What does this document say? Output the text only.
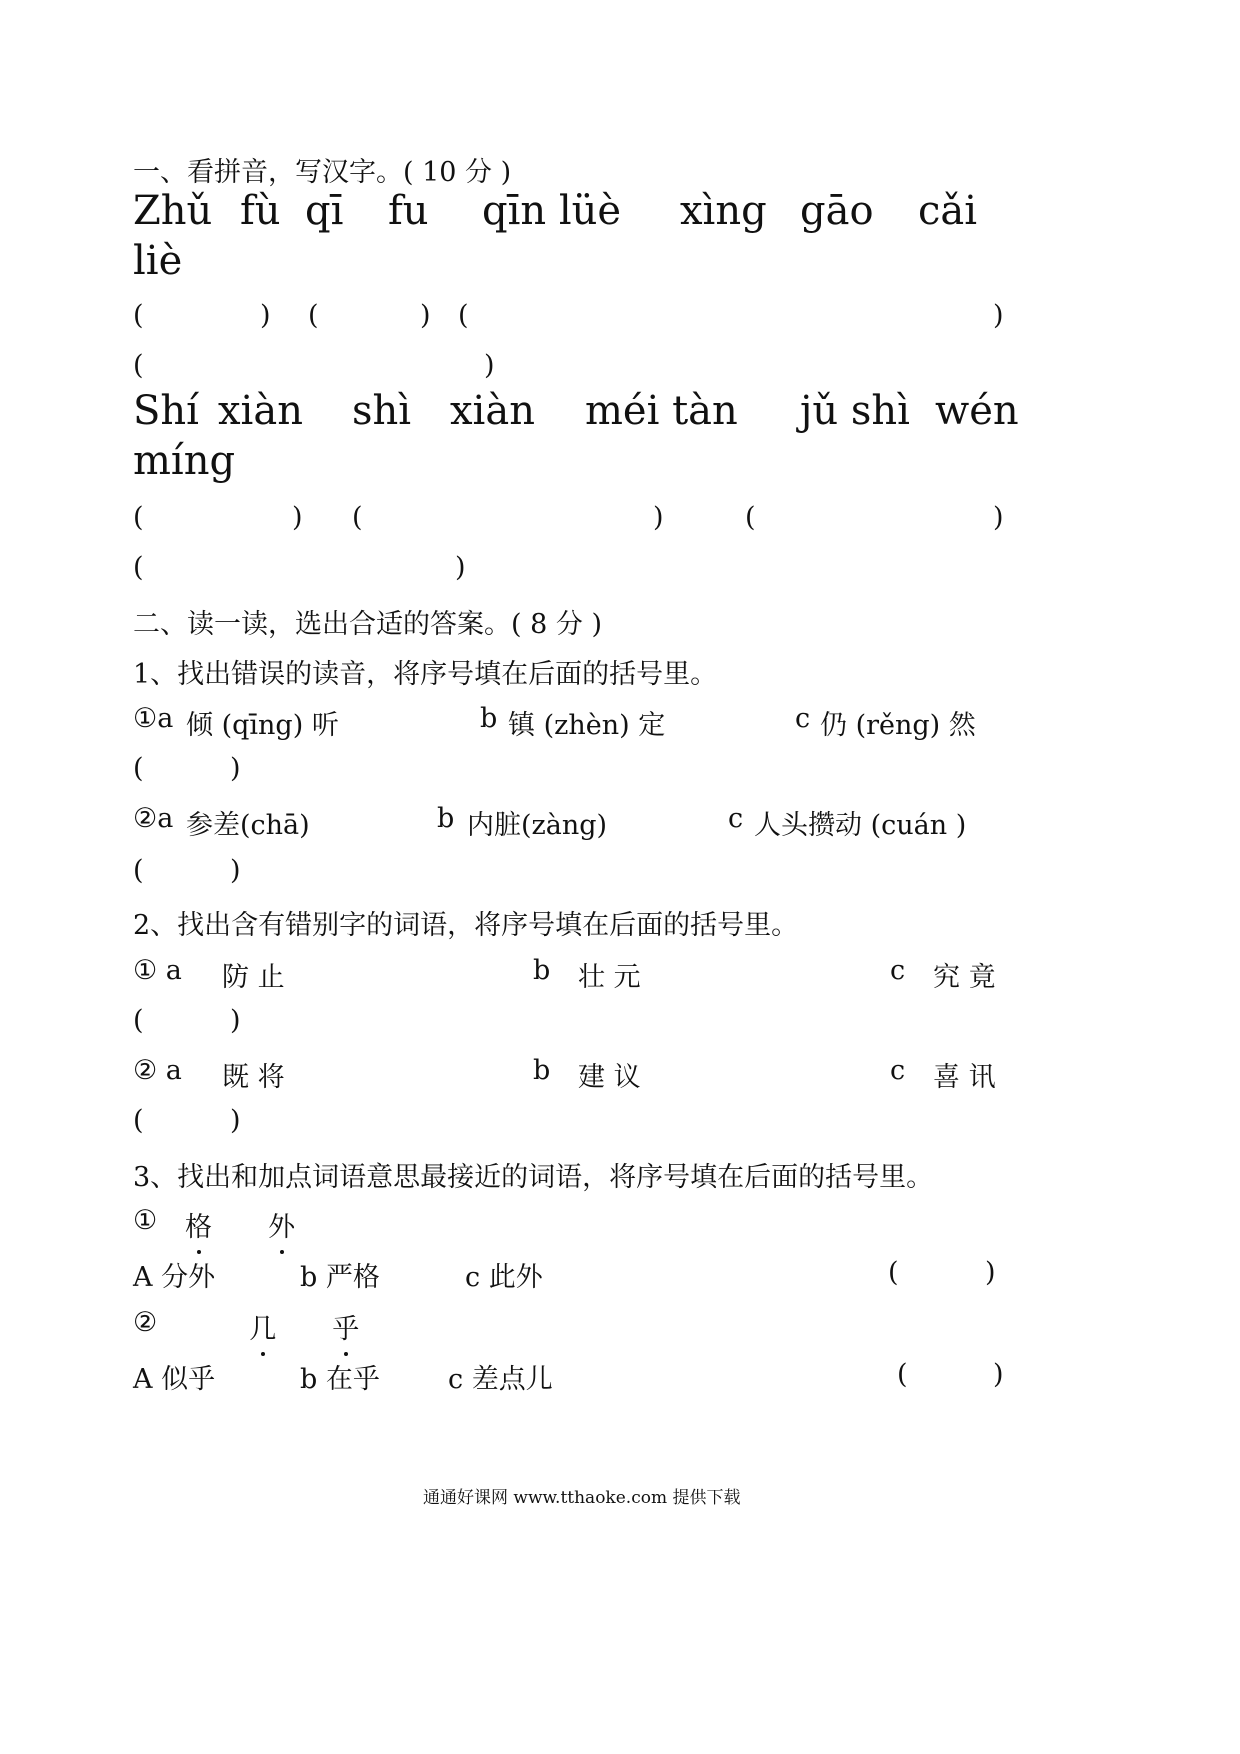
一、看拼音，写汉字。( 10 分 )
Zhǔ fù qī fu qīn lüè xìng gāo cǎi
liè
(	) (	) (	)
(	)
Shí xiàn shì xiàn méi tàn jǔ shì wén
míng
(	) (	)	(	)
(	)
二、读一读，选出合适的答案。( 8 分 )
1、找出错误的读音，将序号填在后面的括号里。
①a 倾 (qīng) 听	b 镇 (zhèn) 定	c 仍 (rěng) 然
(	)
②a 参差(chā)	b 内脏(zàng)	c 人头攒动 (cuán )
(	)
2、找出含有错别字的词语，将序号填在后面的括号里。
① a 防 止	b 壮 元	c 究 竟
(	)
② a 既 将	b 建 议	c 喜 讯
(	)
3、找出和加点词语意思最接近的词语，将序号填在后面的括号里。
① 格 外
A 分外	b 严格	c 此外	(	)
②	几 乎
A 似乎	b 在乎	c 差点儿	(	)
通通好课网 www.tthaoke.com 提供下载
